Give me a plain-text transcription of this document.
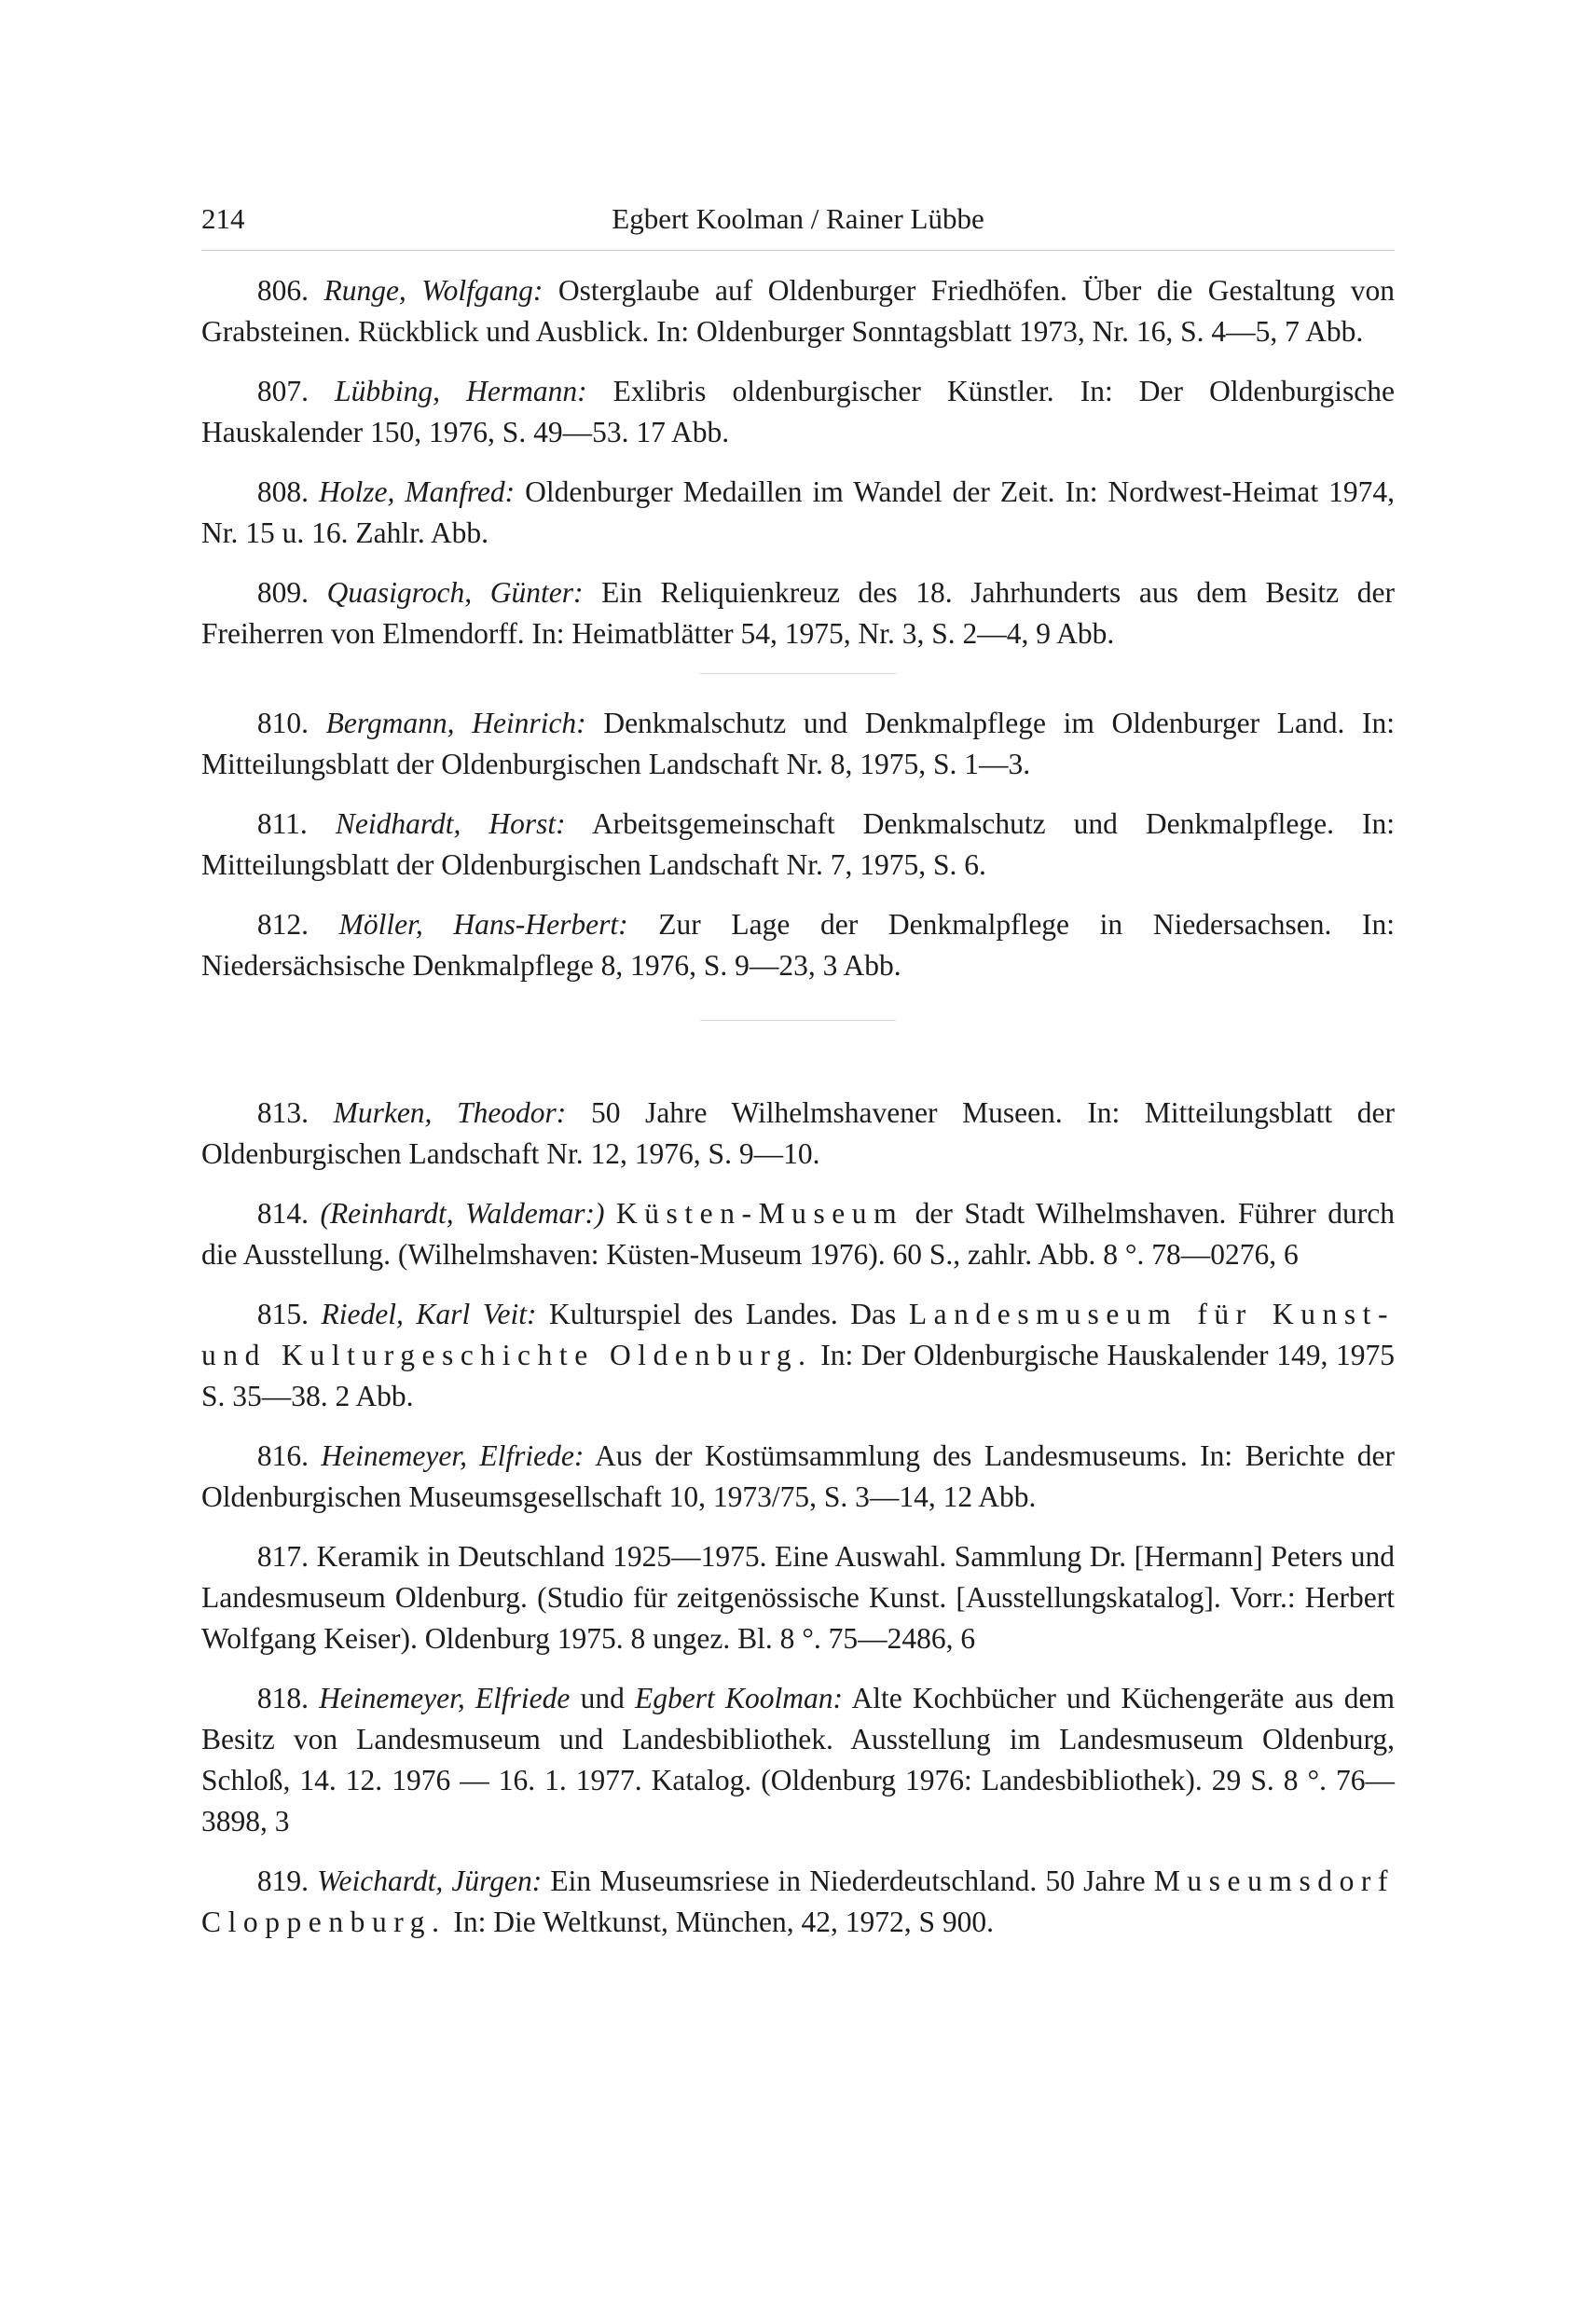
214	Egbert Koolman / Rainer Lübbe

806. Runge, Wolfgang: Osterglaube auf Oldenburger Friedhöfen. Über die Gestaltung von Grabsteinen. Rückblick und Ausblick. In: Oldenburger Sonntagsblatt 1973, Nr. 16, S. 4—5, 7 Abb.

807. Lübbing, Hermann: Exlibris oldenburgischer Künstler. In: Der Oldenburgische Hauskalender 150, 1976, S. 49—53. 17 Abb.

808. Holze, Manfred: Oldenburger Medaillen im Wandel der Zeit. In: Nordwest-Heimat 1974, Nr. 15 u. 16. Zahlr. Abb.

809. Quasigroch, Günter: Ein Reliquienkreuz des 18. Jahrhunderts aus dem Besitz der Freiherren von Elmendorff. In: Heimatblätter 54, 1975, Nr. 3, S. 2—4, 9 Abb.

810. Bergmann, Heinrich: Denkmalschutz und Denkmalpflege im Oldenburger Land. In: Mitteilungsblatt der Oldenburgischen Landschaft Nr. 8, 1975, S. 1—3.

811. Neidhardt, Horst: Arbeitsgemeinschaft Denkmalschutz und Denkmalpflege. In: Mitteilungsblatt der Oldenburgischen Landschaft Nr. 7, 1975, S. 6.

812. Möller, Hans-Herbert: Zur Lage der Denkmalpflege in Niedersachsen. In: Niedersächsische Denkmalpflege 8, 1976, S. 9—23, 3 Abb.

813. Murken, Theodor: 50 Jahre Wilhelmshavener Museen. In: Mitteilungsblatt der Oldenburgischen Landschaft Nr. 12, 1976, S. 9—10.

814. (Reinhardt, Waldemar:) Küsten-Museum der Stadt Wilhelmshaven. Führer durch die Ausstellung. (Wilhelmshaven: Küsten-Museum 1976). 60 S., zahlr. Abb. 8 °. 78—0276, 6

815. Riedel, Karl Veit: Kulturspiel des Landes. Das Landesmuseum für Kunst- und Kulturgeschichte Oldenburg. In: Der Oldenburgische Hauskalender 149, 1975 S. 35—38. 2 Abb.

816. Heinemeyer, Elfriede: Aus der Kostümsammlung des Landesmuseums. In: Berichte der Oldenburgischen Museumsgesellschaft 10, 1973/75, S. 3—14, 12 Abb.

817. Keramik in Deutschland 1925—1975. Eine Auswahl. Sammlung Dr. [Hermann] Peters und Landesmuseum Oldenburg. (Studio für zeitgenössische Kunst. [Ausstellungskatalog]. Vorr.: Herbert Wolfgang Keiser). Oldenburg 1975. 8 ungez. Bl. 8 °. 75—2486, 6

818. Heinemeyer, Elfriede und Egbert Koolman: Alte Kochbücher und Küchengeräte aus dem Besitz von Landesmuseum und Landesbibliothek. Ausstellung im Landesmuseum Oldenburg, Schloß, 14. 12. 1976 — 16. 1. 1977. Katalog. (Oldenburg 1976: Landesbibliothek). 29 S. 8 °. 76—3898, 3

819. Weichardt, Jürgen: Ein Museumsriese in Niederdeutschland. 50 Jahre Museumsdorf Cloppenburg. In: Die Weltkunst, München, 42, 1972, S 900.
